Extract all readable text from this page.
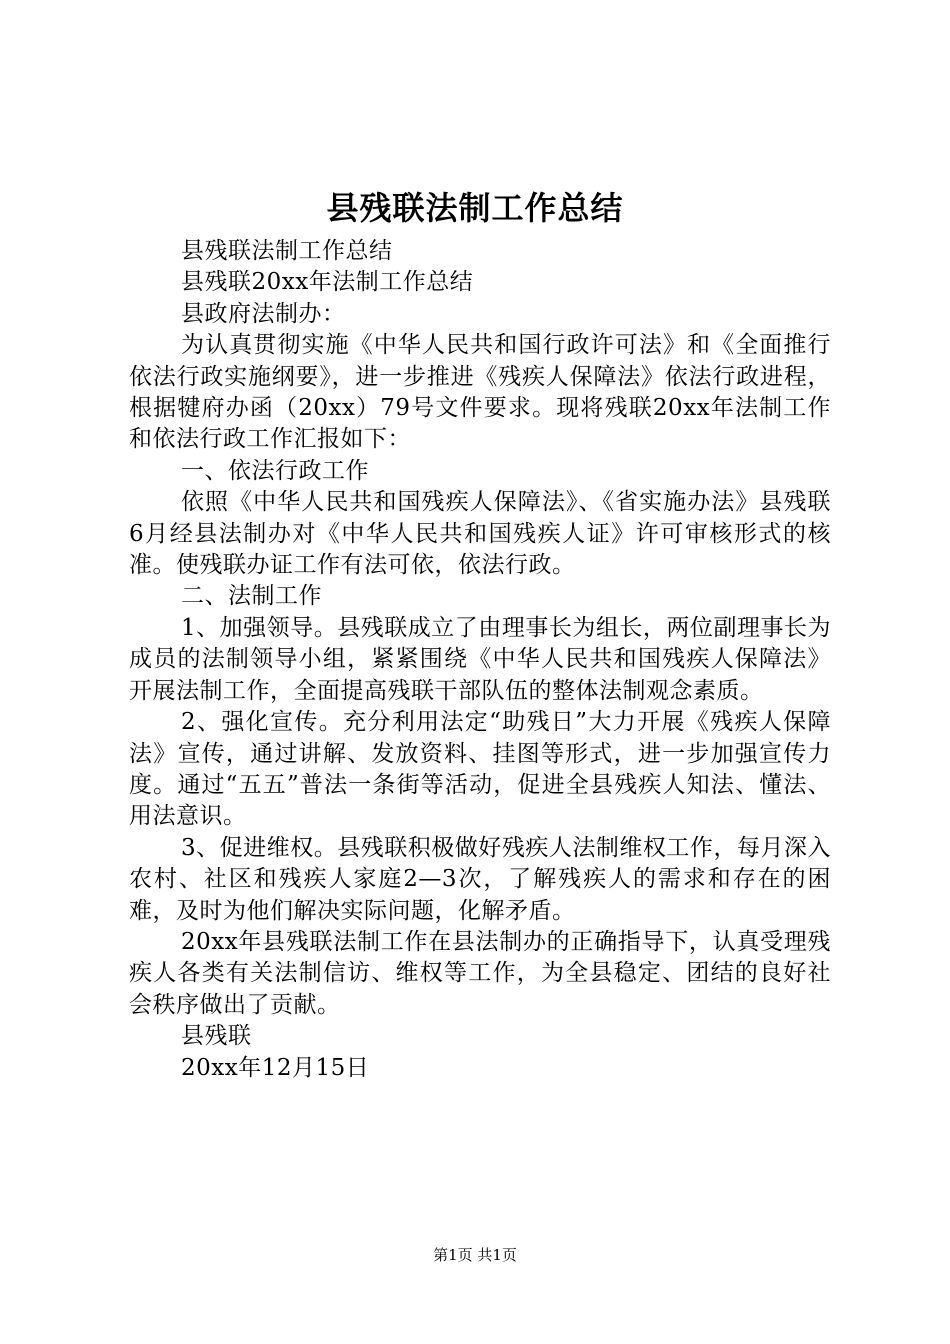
县残联法制工作总结

县残联法制工作总结

县残联20xx年法制工作总结

县政府法制办：

为认真贯彻实施《中华人民共和国行政许可法》和《全面推行依法行政实施纲要》，进一步推进《残疾人保障法》依法行政进程，根据犍府办函（20xx）79号文件要求。现将残联20xx年法制工作和依法行政工作汇报如下：

一、依法行政工作

依照《中华人民共和国残疾人保障法》、《省实施办法》县残联6月经县法制办对《中华人民共和国残疾人证》许可审核形式的核准。使残联办证工作有法可依，依法行政。

二、法制工作

1、加强领导。县残联成立了由理事长为组长，两位副理事长为成员的法制领导小组，紧紧围绕《中华人民共和国残疾人保障法》开展法制工作，全面提高残联干部队伍的整体法制观念素质。

2、强化宣传。充分利用法定“助残日”大力开展《残疾人保障法》宣传，通过讲解、发放资料、挂图等形式，进一步加强宣传力度。通过“五五”普法一条街等活动，促进全县残疾人知法、懂法、用法意识。

3、促进维权。县残联积极做好残疾人法制维权工作，每月深入农村、社区和残疾人家庭2—3次，了解残疾人的需求和存在的困难，及时为他们解决实际问题，化解矛盾。

20xx年县残联法制工作在县法制办的正确指导下，认真受理残疾人各类有关法制信访、维权等工作，为全县稳定、团结的良好社会秩序做出了贡献。

县残联

20xx年12月15日

第1页 共1页
